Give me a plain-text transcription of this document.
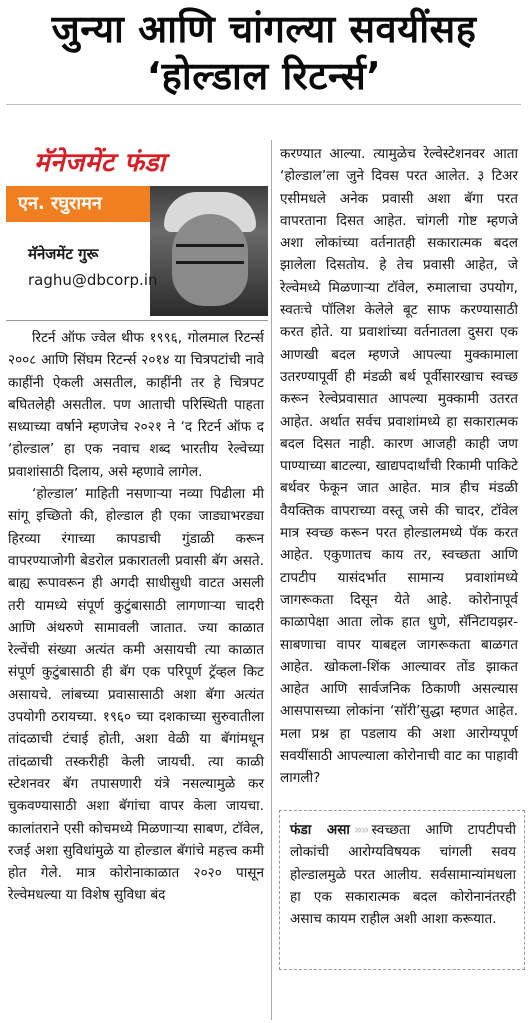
जुन्या आणि चांगल्या सवयींसह
‘होल्डाल रिटर्न्स’
मॅनेजमेंट फंडा
एन. रघुरामन
मॅनेजमेंट गुरू
raghu@dbcorp.in

रिटर्न ऑफ ज्वेल थीफ १९९६, गोलमाल रिटर्न्स २००८ आणि सिंघम रिटर्न्स २०१४ या चित्रपटांची नावे काहींनी ऐकली असतील, काहींनी तर हे चित्रपट बघितलेही असतील. पण आताची परिस्थिती पाहता सध्याच्या वर्षाने म्हणजेच २०२१ ने ‘द रिटर्न ऑफ द ‘होल्डाल’ हा एक नवाच शब्द भारतीय रेल्वेच्या प्रवाशांसाठी दिलाय, असे म्हणावे लागेल.

‘होल्डाल’ माहिती नसणाऱ्या नव्या पिढीला मी सांगू इच्छितो की, होल्डाल ही एका जाड्याभरड्या हिरव्या रंगाच्या कापडाची गुंडाळी करून वापरण्याजोगी बेडरोल प्रकारातली प्रवासी बॅग असते. बाह्य रूपावरून ही अगदी साधीसुधी वाटत असली तरी यामध्ये संपूर्ण कुटुंबासाठी लागणाऱ्या चादरी आणि अंथरुणे सामावली जातात. ज्या काळात रेल्वेंची संख्या अत्यंत कमी असायची त्या काळात संपूर्ण कुटुंबासाठी ही बॅग एक परिपूर्ण ट्रॅव्हल किट असायचे. लांबच्या प्रवासासाठी अशा बॅगा अत्यंत उपयोगी ठरायच्या. १९६० च्या दशकाच्या सुरुवातीला तांदळाची टंचाई होती, अशा वेळी या बॅगांमधून तांदळाची तस्करीही केली जायची. त्या काळी स्टेशनवर बॅग तपासणारी यंत्रे नसल्यामुळे कर चुकवण्यासाठी अशा बॅगांचा वापर केला जायचा. कालांतराने एसी कोचमध्ये मिळणाऱ्या साबण, टॉवेल, रजई अशा सुविधांमुळे या होल्डाल बॅगांचे महत्त्व कमी होत गेले. मात्र कोरोनाकाळात २०२० पासून रेल्वेमधल्या या विशेष सुविधा बंद

करण्यात आल्या. त्यामुळेच रेल्वेस्टेशनवर आता ‘होल्डाल’ला जुने दिवस परत आलेत. ३ टिअर एसीमधले अनेक प्रवासी अशा बॅगा परत वापरताना दिसत आहेत. चांगली गोष्ट म्हणजे अशा लोकांच्या वर्तनातही सकारात्मक बदल झालेला दिसतोय. हे तेच प्रवासी आहेत, जे रेल्वेमध्ये मिळणाऱ्या टॉवेल, रुमालाचा उपयोग, स्वतःचे पॉलिश केलेले बूट साफ करण्यासाठी करत होते. या प्रवाशांच्या वर्तनातला दुसरा एक आणखी बदल म्हणजे आपल्या मुक्कामाला उतरण्यापूर्वी ही मंडळी बर्थ पूर्वीसारखाच स्वच्छ करून रेल्वेप्रवासात आपल्या मुक्कामी उतरत आहेत. अर्थात सर्वच प्रवाशांमध्ये हा सकारात्मक बदल दिसत नाही. कारण आजही काही जण पाण्याच्या बाटल्या, खाद्यपदार्थांची रिकामी पाकिटे बर्थवर फेकून जात आहेत. मात्र हीच मंडळी वैयक्तिक वापराच्या वस्तू जसे की चादर, टॉवेल मात्र स्वच्छ करून परत होल्डालमध्ये पॅक करत आहेत. एकुणातच काय तर, स्वच्छता आणि टापटीप यासंदर्भात सामान्य प्रवाशांमध्ये जागरूकता दिसून येते आहे. कोरोनापूर्व काळापेक्षा आता लोक हात धुणे, सॅनिटायझर-साबणाचा वापर याबद्दल जागरूकता बाळगत आहेत. खोकला-शिंक आल्यावर तोंड झाकत आहेत आणि सार्वजनिक ठिकाणी असल्यास आसपासच्या लोकांना ‘सॉरी’सुद्धा म्हणत आहेत. मला प्रश्न हा पडलाय की अशा आरोग्यपूर्ण सवयींसाठी आपल्याला कोरोनाची वाट का पाहावी लागली?

फंडा असा »» स्वच्छता आणि टापटीपची लोकांची आरोग्यविषयक चांगली सवय होल्डालमुळे परत आलीय. सर्वसामान्यांमधला हा एक सकारात्मक बदल कोरोनानंतरही असाच कायम राहील अशी आशा करूयात.
